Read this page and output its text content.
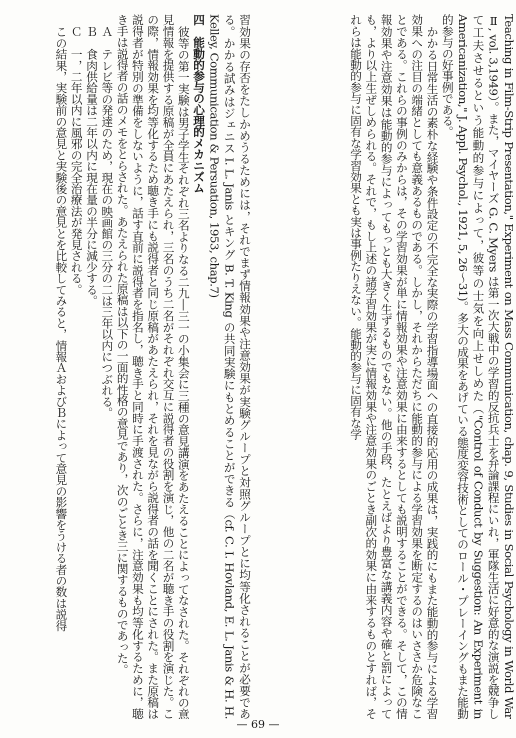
Teaching in Film-Strip Presentation," Experiment on Mass Communication, chap. 9, Studies in Social Psychology in World War Ⅱ, vol. 3,1949）。また，マイヤーズ G. C. Myers は第一次大戦中の学習的反抗兵士を弁論課程にいれ，軍隊生活に好意的な演説を競争して工夫させるという能動的参与によって，彼等の士気を向上せしめた（"Control of Conduct by Suggestion: An Experiment in Americanization," J. Appl. Psychol., 1921, 5, 26〜31)。多大の成果をあげている態度変容技術としてのロール・プレーイングもまた能動的参与の好事例である。

かかる日常生活の素朴な経験や条件設定の不完全な実際の学習指導場面への直接的応用の成果は，実践的にもまた能動的参与による学習効果への注目の端緒としても意義あるものである。しかし，それからただちに能動的参与による学習効果を断定するのはいささか危険なことである。これらの事例のみからは，その学習効果が単に情報効果や注意効果に由来するとしても説明することができる。そして，この情報効果や注意効果は能動的参与によってもっとも大きく生ずるものでもない。他の手段，たとえばより豊富な講義内容や確と罰によっても，より以上生ぜしめられる。それで，もし上述の諸学習効果が実に情報効果や注意効果のごとき副次的効果に由来するものとすれば，それらは能動的参与に固有な学習効果とも実は事例たりえない。能動的参与に固有な学

習効果の存否をたしかめうるためには，それでまず情報効果や注意効果が実験グループと対照グループとに均等化されることが必要である。かかる試みはジェニス I. L. Janis とキング B. T. King の共同実験にもとめることができる（cf. C. I. Hovland, E. L. Janis & H. H. Kelley, Communication & Persuation, 1953, chap.7)

四　能動的参与の心理的メカニズム

彼等の第一実験は男子学生それぞれ三名よりなる二九―三一の小集会に三種の意見講演をあたえることによってなされた。それぞれの意見情報を提供する原稿が全員にあたえられ，三名のうち二名がそれぞれ交互に説得者の役割を演じ，他の二名が聴き手の役割を演じた。この際，情報効果を均等化するため聴き手にも説得者と同じ原稿があたえられ，それを見ながら説得者の話を聞くことにされた。また原稿は説得者が特別の準備をしないように，話す直前に説得者を指名し，聴き手と同時に手渡された。さらに，注意効果も均等化するために，聴き手は説得者の話のメモをとらされた。あたえられた原稿は以下の一面的性格の意見であり，次のごとき三に関するものであった。

Ａ　テレビ等の発達のため，現在の映画館の三分の二は三年以内につぶれる。

Ｂ　食肉供給量は二年以内に現在量の半分に減少する。

Ｃ　一，二年以内に風邪の完全治療法が発見される。

この結果，実験前の意見と実験後の意見とを比較してみると，情報ＡおよびＢによって意見の影響をうける者の数は説得

— 69 —
